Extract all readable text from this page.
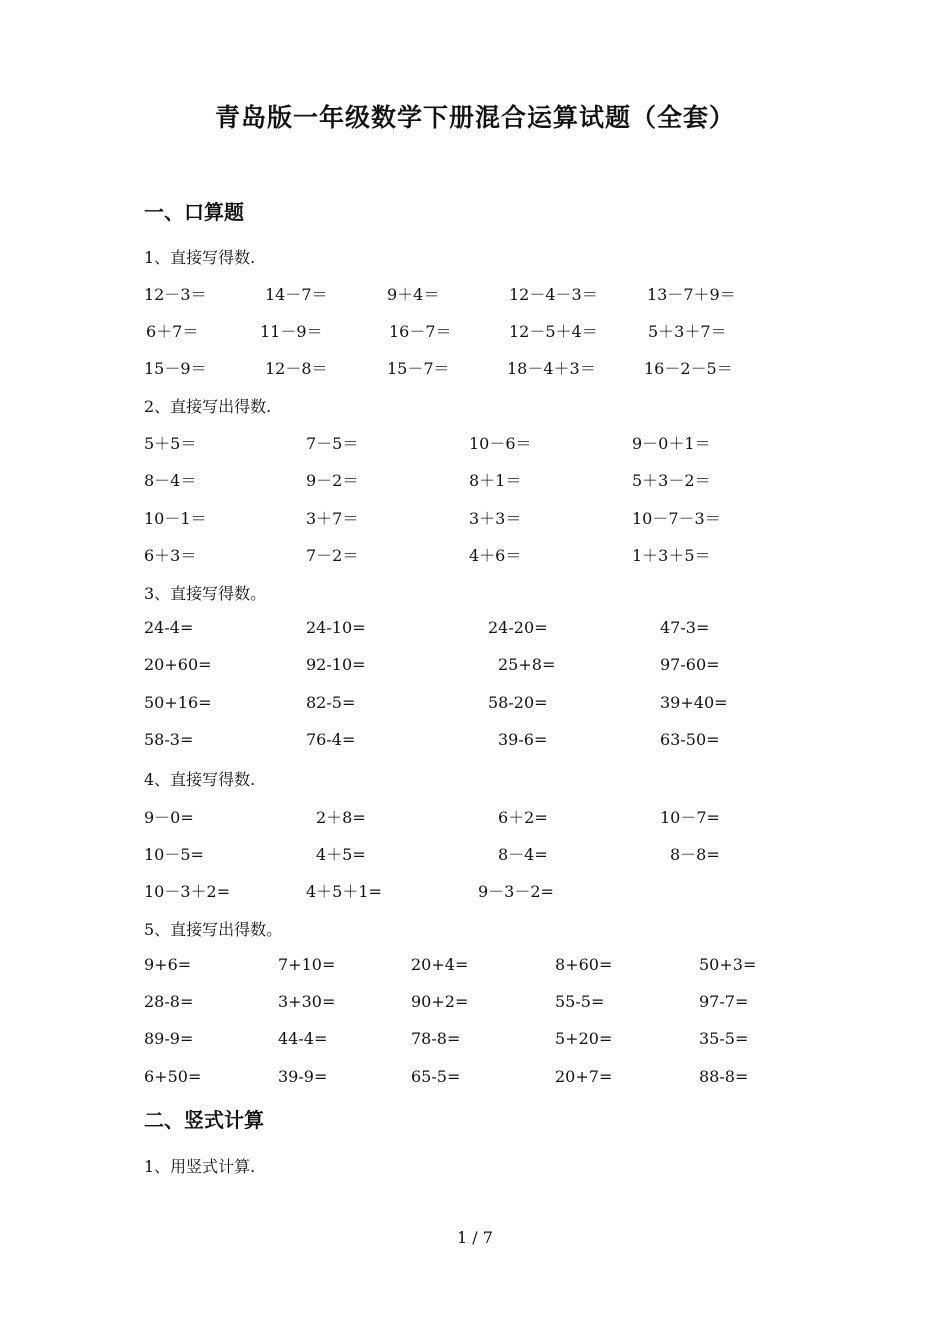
青岛版一年级数学下册混合运算试题（全套）
一、口算题
1、直接写得数.
12－3＝	14－7＝	9＋4＝	12－4－3＝	13－7＋9＝
6＋7＝	11－9＝	16－7＝	12－5＋4＝	5＋3＋7＝
15－9＝	12－8＝	15－7＝	18－4＋3＝	16－2－5＝
2、直接写出得数.
5＋5＝	7－5＝	10－6＝	9－0＋1＝
8－4＝	9－2＝	8＋1＝	5＋3－2＝
10－1＝	3＋7＝	3＋3＝	10－7－3＝
6＋3＝	7－2＝	4＋6＝	1＋3＋5＝
3、直接写得数。
24-4=	24-10=	24-20=	47-3=
20+60=	92-10=	25+8=	97-60=
50+16=	82-5=	58-20=	39+40=
58-3=	76-4=	39-6=	63-50=
4、直接写得数.
9－0=	2＋8=	6＋2=	10－7=
10－5=	4＋5=	8－4=	8－8=
10－3＋2=	4＋5＋1=	9－3－2=
5、直接写出得数。
9+6=	7+10=	20+4=	8+60=	50+3=
28-8=	3+30=	90+2=	55-5=	97-7=
89-9=	44-4=	78-8=	5+20=	35-5=
6+50=	39-9=	65-5=	20+7=	88-8=
二、竖式计算
1、用竖式计算.
1 / 7
